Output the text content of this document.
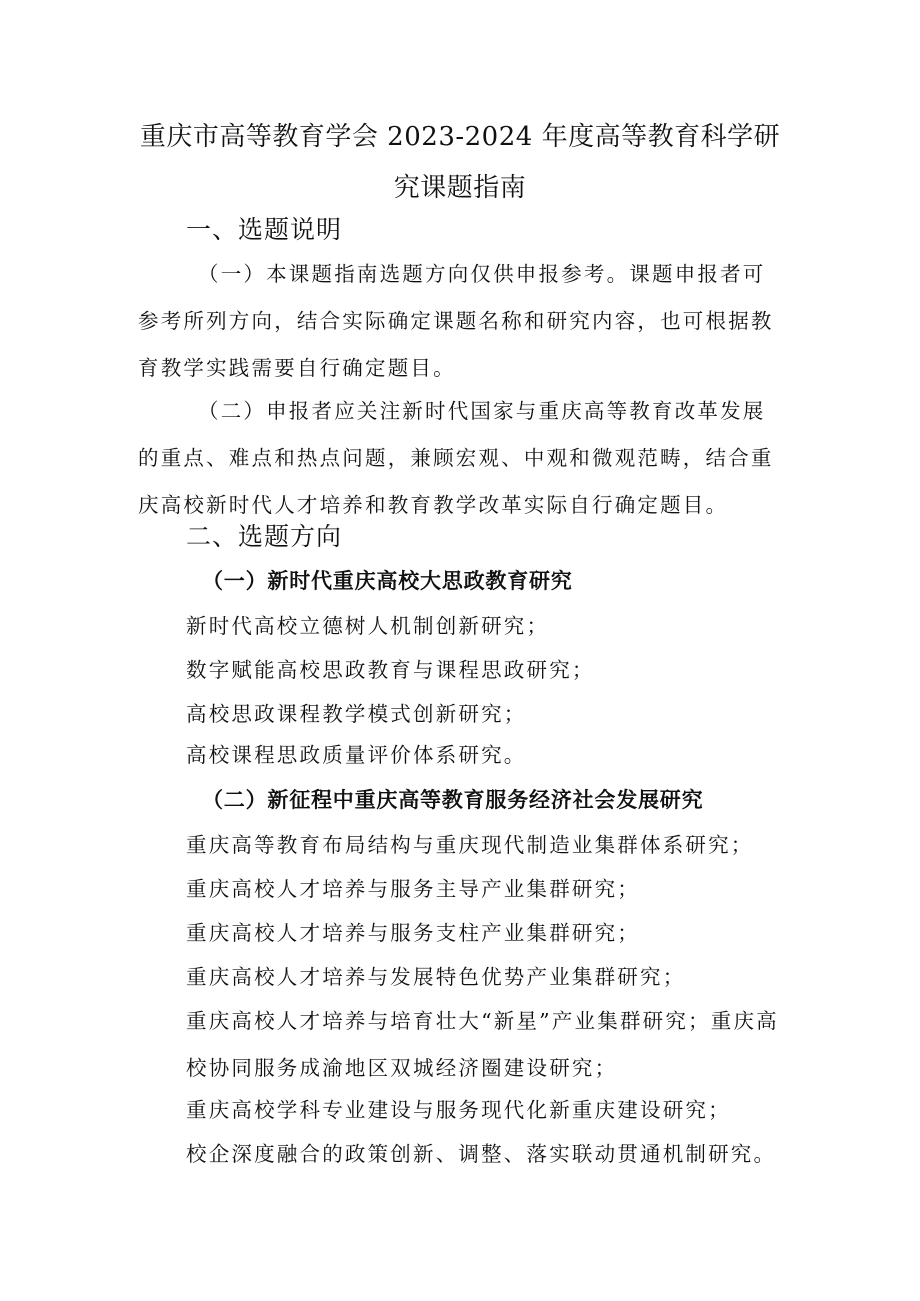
重庆市高等教育学会 2023-2024 年度高等教育科学研
究课题指南
一、选题说明

（一）本课题指南选题方向仅供申报参考。课题申报者可参考所列方向，结合实际确定课题名称和研究内容，也可根据教育教学实践需要自行确定题目。

（二）申报者应关注新时代国家与重庆高等教育改革发展的重点、难点和热点问题，兼顾宏观、中观和微观范畴，结合重庆高校新时代人才培养和教育教学改革实际自行确定题目。

二、选题方向
（一）新时代重庆高校大思政教育研究
新时代高校立德树人机制创新研究；
数字赋能高校思政教育与课程思政研究；
高校思政课程教学模式创新研究；
高校课程思政质量评价体系研究。
（二）新征程中重庆高等教育服务经济社会发展研究
重庆高等教育布局结构与重庆现代制造业集群体系研究；
重庆高校人才培养与服务主导产业集群研究；
重庆高校人才培养与服务支柱产业集群研究；
重庆高校人才培养与发展特色优势产业集群研究；

重庆高校人才培养与培育壮大“新星”产业集群研究；重庆高校协同服务成渝地区双城经济圈建设研究；

重庆高校学科专业建设与服务现代化新重庆建设研究；
校企深度融合的政策创新、调整、落实联动贯通机制研究。
